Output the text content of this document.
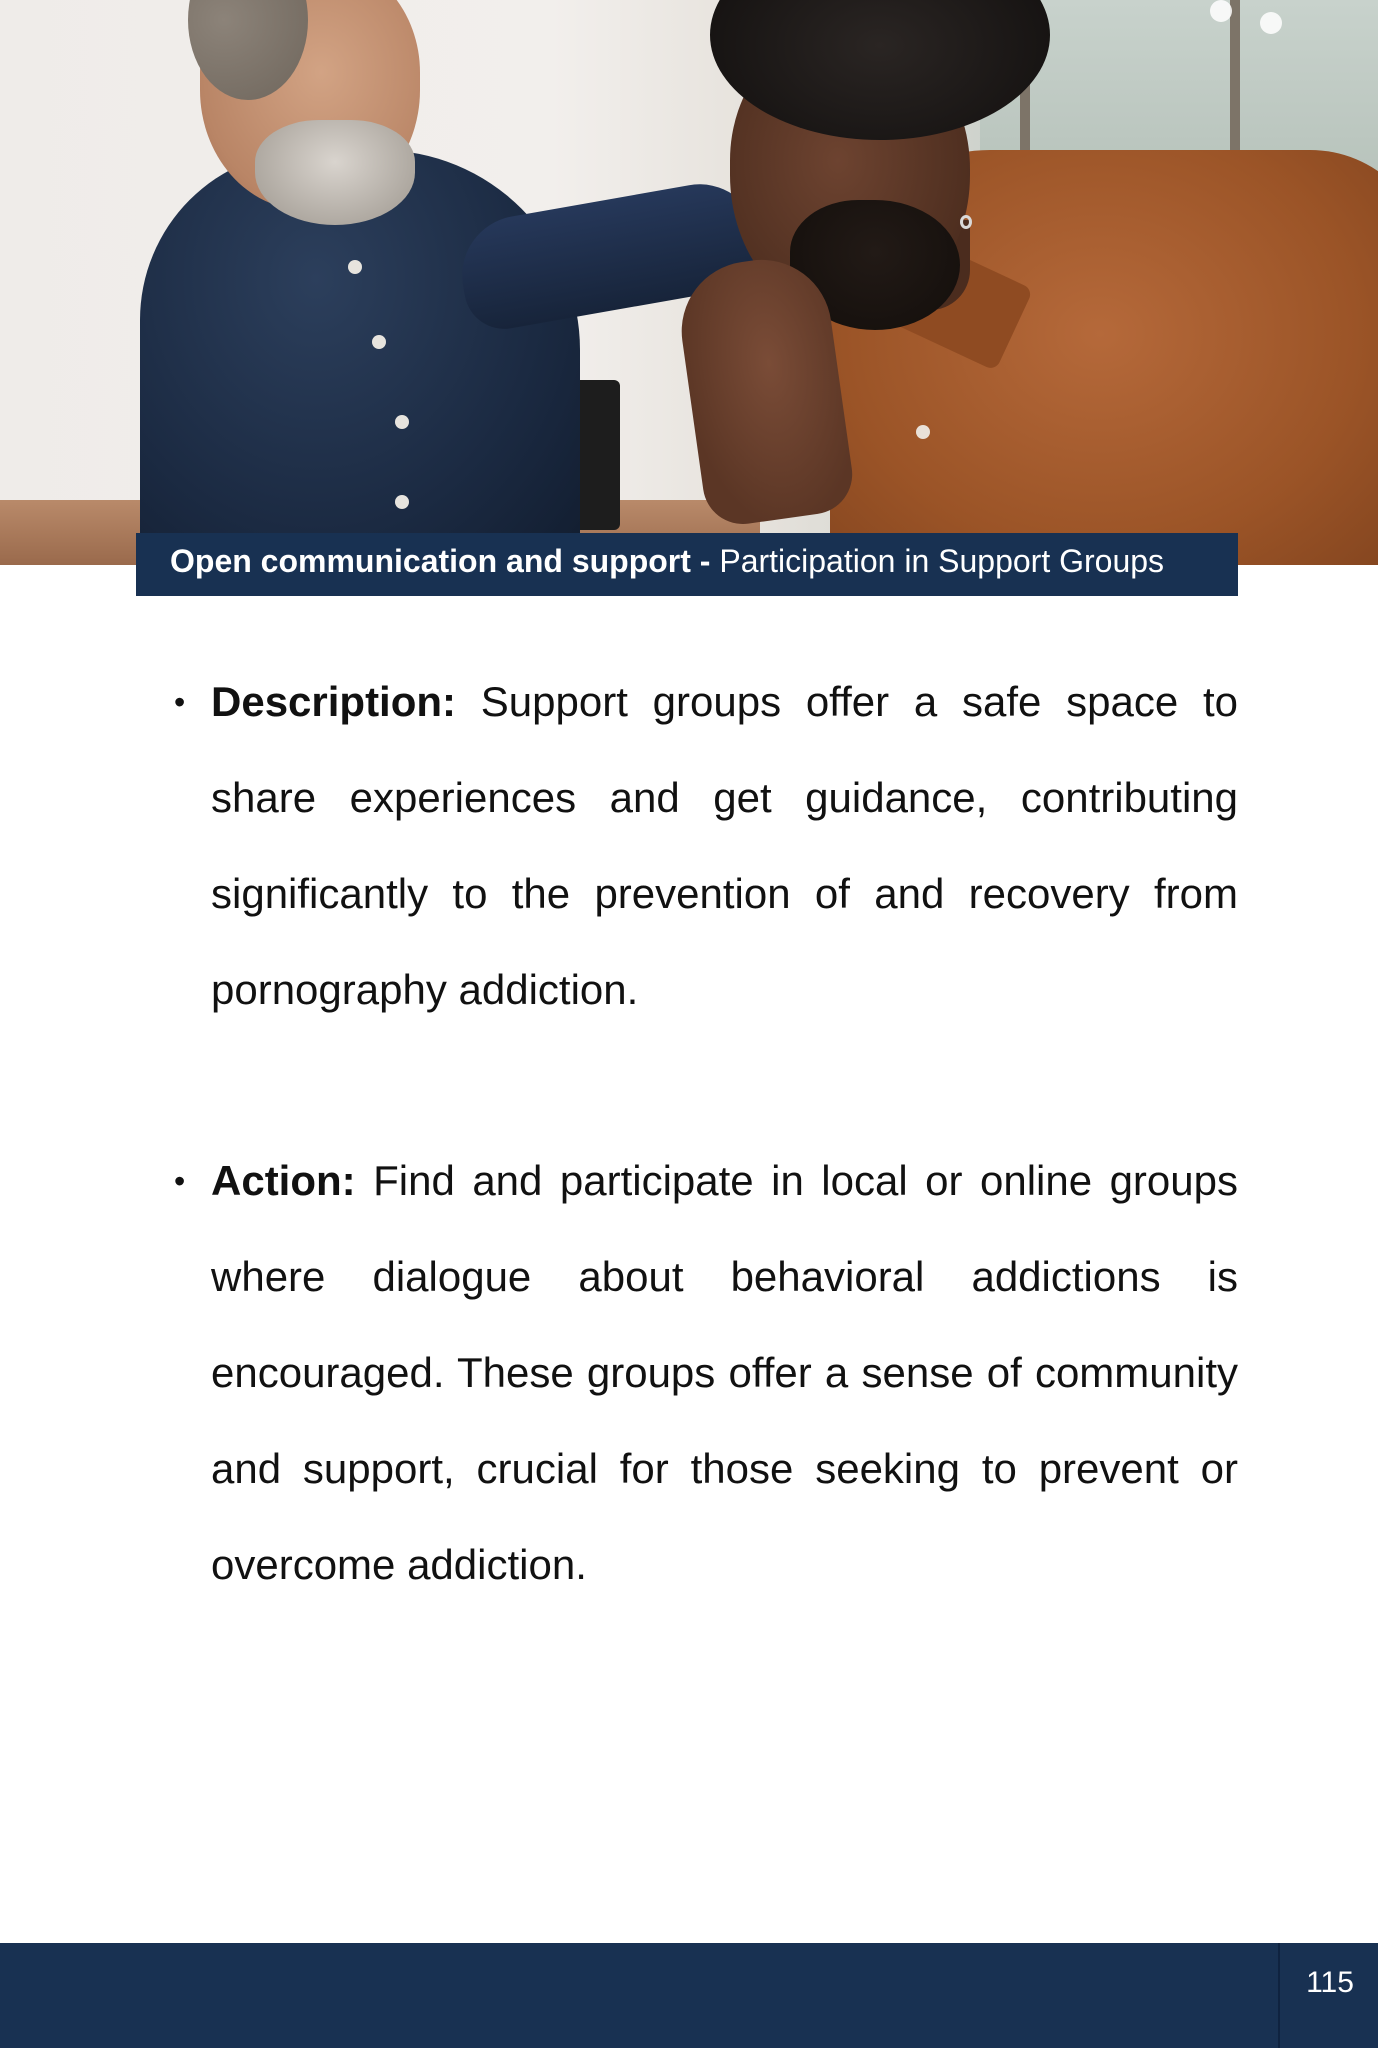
Open communication and support - Participation in Support Groups
• Description: Support groups offer a safe space to share experiences and get guidance, contributing significantly to the prevention of and recovery from pornography addiction.
• Action: Find and participate in local or online groups where dialogue about behavioral addictions is encouraged. These groups offer a sense of community and support, crucial for those seeking to prevent or overcome addiction.
115
